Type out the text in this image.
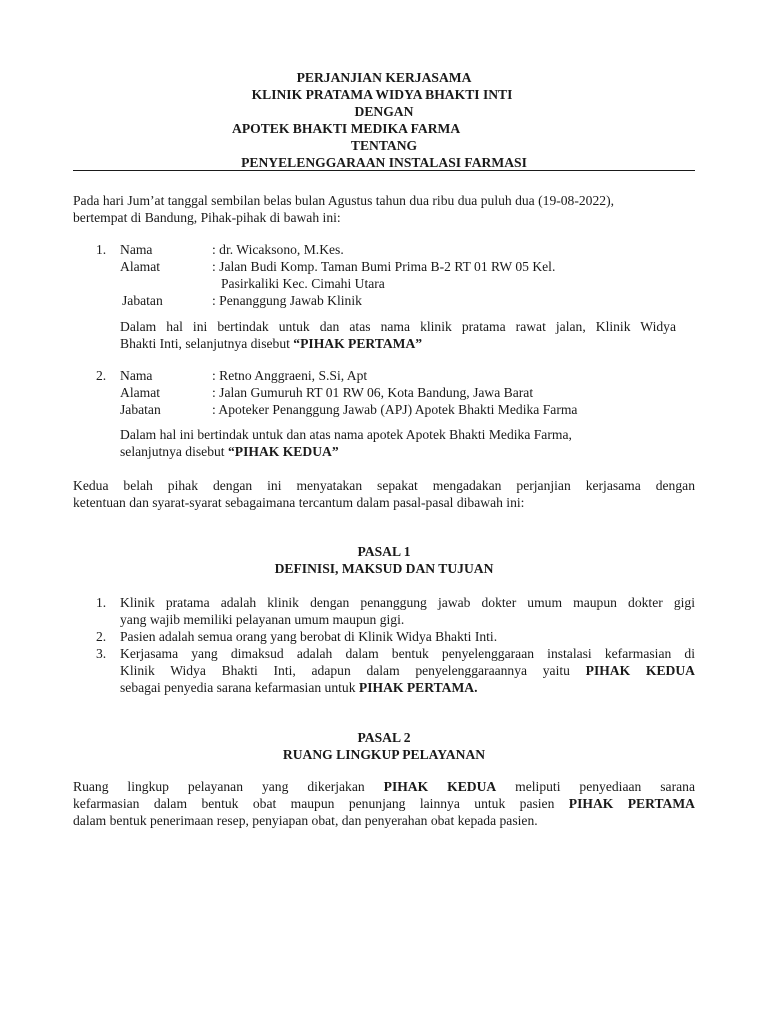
PERJANJIAN KERJASAMA
KLINIK PRATAMA WIDYA BHAKTI INTI
DENGAN
APOTEK BHAKTI MEDIKA FARMA
TENTANG
PENYELENGGARAAN INSTALASI FARMASI
Pada hari Jum’at tanggal sembilan belas bulan Agustus tahun dua ribu dua puluh dua (19-08-2022),
bertempat di Bandung, Pihak-pihak di bawah ini:
1. Nama	: dr. Wicaksono, M.Kes.
Alamat	: Jalan Budi Komp. Taman Bumi Prima B-2 RT 01 RW 05 Kel.
Pasirkaliki Kec. Cimahi Utara
Jabatan	: Penanggung Jawab Klinik
Dalam hal ini bertindak untuk dan atas nama klinik pratama rawat jalan, Klinik Widya
Bhakti Inti, selanjutnya disebut “PIHAK PERTAMA”
2. Nama	: Retno Anggraeni, S.Si, Apt
Alamat	: Jalan Gumuruh RT 01 RW 06, Kota Bandung, Jawa Barat
Jabatan	: Apoteker Penanggung Jawab (APJ) Apotek Bhakti Medika Farma
Dalam hal ini bertindak untuk dan atas nama apotek Apotek Bhakti Medika Farma,
selanjutnya disebut “PIHAK KEDUA”
Kedua belah pihak dengan ini menyatakan sepakat mengadakan perjanjian kerjasama dengan
ketentuan dan syarat-syarat sebagaimana tercantum dalam pasal-pasal dibawah ini:
PASAL 1
DEFINISI, MAKSUD DAN TUJUAN
1. Klinik pratama adalah klinik dengan penanggung jawab dokter umum maupun dokter gigi
yang wajib memiliki pelayanan umum maupun gigi.
2. Pasien adalah semua orang yang berobat di Klinik Widya Bhakti Inti.
3. Kerjasama yang dimaksud adalah dalam bentuk penyelenggaraan instalasi kefarmasian di
Klinik Widya Bhakti Inti, adapun dalam penyelenggaraannya yaitu PIHAK KEDUA
sebagai penyedia sarana kefarmasian untuk PIHAK PERTAMA.
PASAL 2
RUANG LINGKUP PELAYANAN
Ruang lingkup pelayanan yang dikerjakan PIHAK KEDUA meliputi penyediaan sarana
kefarmasian dalam bentuk obat maupun penunjang lainnya untuk pasien PIHAK PERTAMA
dalam bentuk penerimaan resep, penyiapan obat, dan penyerahan obat kepada pasien.
